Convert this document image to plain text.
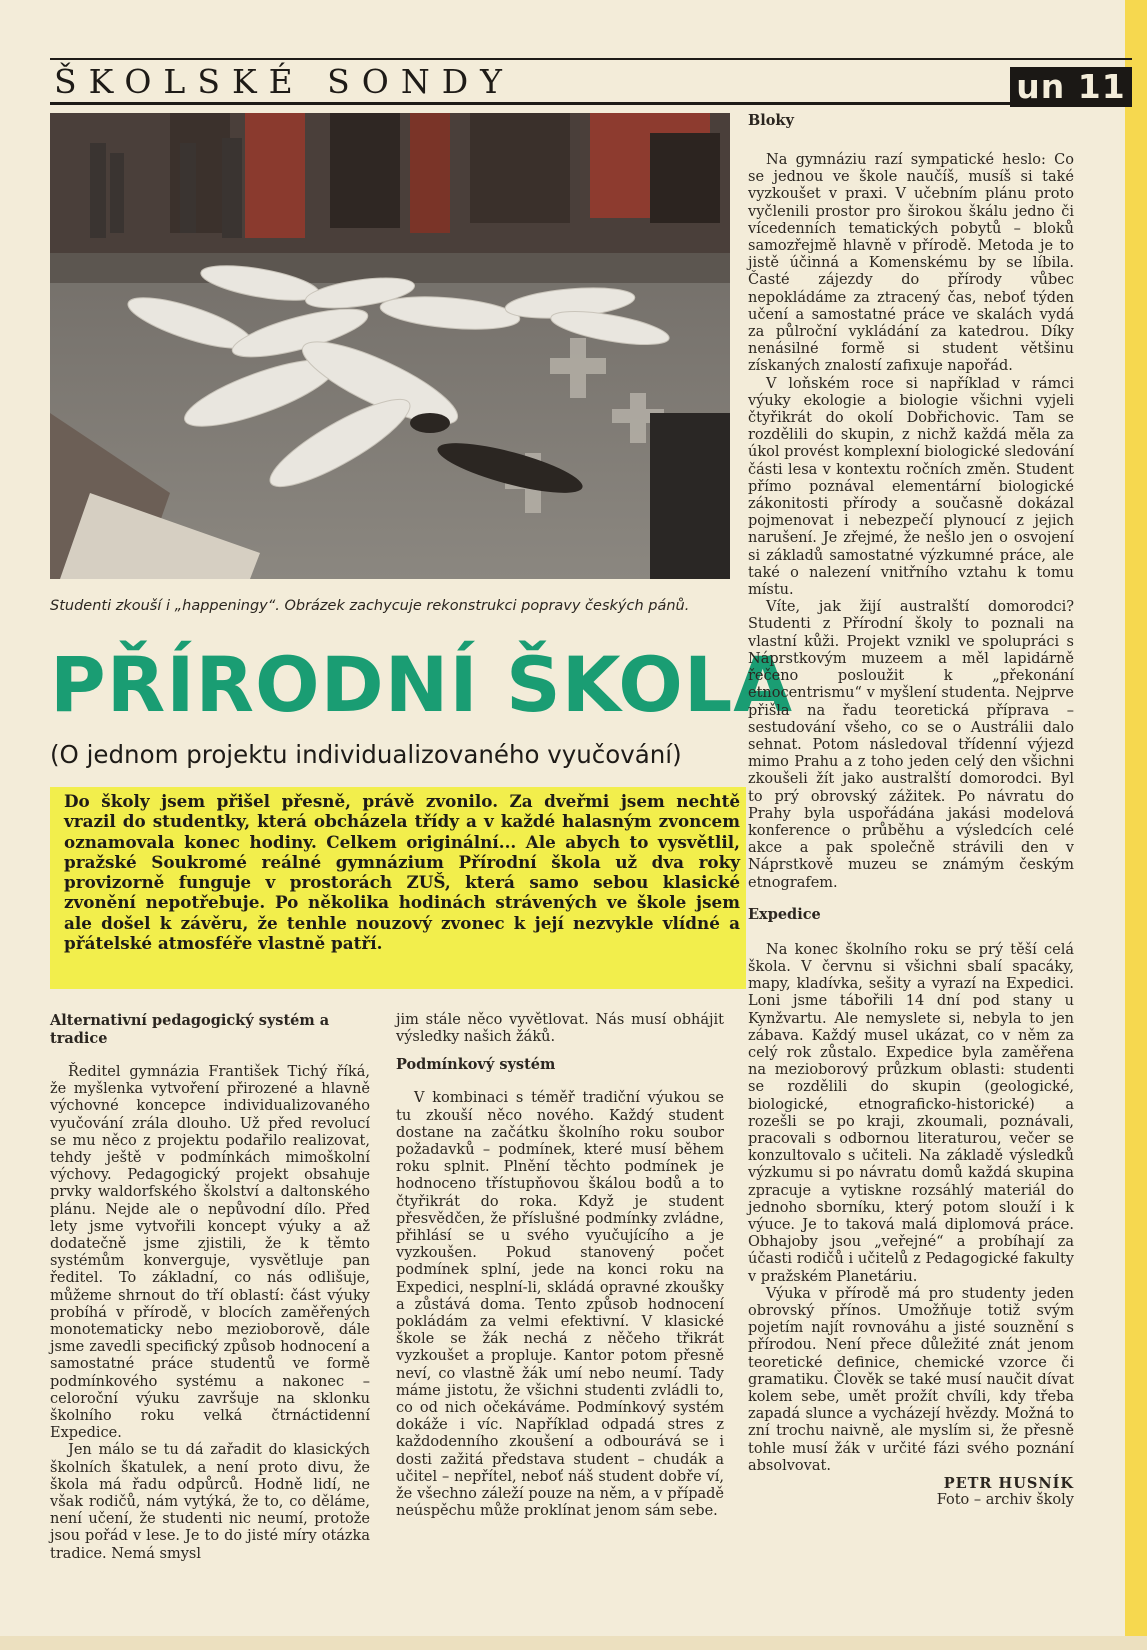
ŠKOLSKÉ SONDY	un 11
Studenti zkouší i „happeningy“. Obrázek zachycuje rekonstrukci popravy českých pánů.
PŘÍRODNÍ ŠKOLA
(O jednom projektu individualizovaného vyučování)
Do školy jsem přišel přesně, právě zvonilo. Za dveřmi jsem nechtě vrazil do studentky, která obcházela třídy a v každé halasným zvoncem oznamovala konec hodiny. Celkem originální... Ale abych to vysvětlil, pražské Soukromé reálné gymnázium Přírodní škola už dva roky provizorně funguje v prostorách ZUŠ, která samo sebou klasické zvonění nepotřebuje. Po několika hodinách strávených ve škole jsem ale došel k závěru, že tenhle nouzový zvonec k její nezvykle vlídné a přátelské atmosféře vlastně patří.

Alternativní pedagogický systém a tradice

Ředitel gymnázia František Tichý říká, že myšlenka vytvoření přirozené a hlavně výchovné koncepce individualizovaného vyučování zrála dlouho. Už před revolucí se mu něco z projektu podařilo realizovat, tehdy ještě v podmínkách mimoškolní výchovy. Pedagogický projekt obsahuje prvky waldorfského školství a daltonského plánu. Nejde ale o nepůvodní dílo. Před lety jsme vytvořili koncept výuky a až dodatečně jsme zjistili, že k těmto systémům konverguje, vysvětluje pan ředitel. To základní, co nás odlišuje, můžeme shrnout do tří oblastí: část výuky probíhá v přírodě, v blocích zaměřených monotematicky nebo mezioborově, dále jsme zavedli specifický způsob hodnocení a samostatné práce studentů ve formě podmínkového systému a nakonec – celoroční výuku završuje na sklonku školního roku velká čtrnáctidenní Expedice.

Jen málo se tu dá zařadit do klasických školních škatulek, a není proto divu, že škola má řadu odpůrců. Hodně lidí, ne však rodičů, nám vytýká, že to, co děláme, není učení, že studenti nic neumí, protože jsou pořád v lese. Je to do jisté míry otázka tradice. Nemá smysl

jim stále něco vyvětlovat. Nás musí obhájit výsledky našich žáků.

Podmínkový systém

V kombinaci s téměř tradiční výukou se tu zkouší něco nového. Každý student dostane na začátku školního roku soubor požadavků – podmínek, které musí během roku splnit. Plnění těchto podmínek je hodnoceno třístupňovou škálou bodů a to čtyřikrát do roka. Když je student přesvědčen, že příslušné podmínky zvládne, přihlásí se u svého vyučujícího a je vyzkoušen. Pokud stanovený počet podmínek splní, jede na konci roku na Expedici, nesplní-li, skládá opravné zkoušky a zůstává doma. Tento způsob hodnocení pokládám za velmi efektivní. V klasické škole se žák nechá z něčeho třikrát vyzkoušet a propluje. Kantor potom přesně neví, co vlastně žák umí nebo neumí. Tady máme jistotu, že všichni studenti zvládli to, co od nich očekáváme. Podmínkový systém dokáže i víc. Například odpadá stres z každodenního zkoušení a odbourává se i dosti zažitá představa student – chudák a učitel – nepřítel, neboť náš student dobře ví, že všechno záleží pouze na něm, a v případě neúspěchu může proklínat jenom sám sebe.

Bloky

Na gymnáziu razí sympatické heslo: Co se jednou ve škole naučíš, musíš si také vyzkoušet v praxi. V učebním plánu proto vyčlenili prostor pro širokou škálu jedno či vícedenních tematických pobytů – bloků samozřejmě hlavně v přírodě. Metoda je to jistě účinná a Komenskému by se líbila. Časté zájezdy do přírody vůbec nepokládáme za ztracený čas, neboť týden učení a samostatné práce ve skalách vydá za půlroční vykládání za katedrou. Díky nenásilné formě si student většinu získaných znalostí zafixuje napořád.

V loňském roce si například v rámci výuky ekologie a biologie všichni vyjeli čtyřikrát do okolí Dobřichovic. Tam se rozdělili do skupin, z nichž každá měla za úkol provést komplexní biologické sledování části lesa v kontextu ročních změn. Student přímo poznával elementární biologické zákonitosti přírody a současně dokázal pojmenovat i nebezpečí plynoucí z jejich narušení. Je zřejmé, že nešlo jen o osvojení si základů samostatné výzkumné práce, ale také o nalezení vnitřního vztahu k tomu místu.

Víte, jak žijí australští domorodci? Studenti z Přírodní školy to poznali na vlastní kůži. Projekt vznikl ve spolupráci s Náprstkovým muzeem a měl lapidárně řečeno posloužit k „překonání etnocentrismu“ v myšlení studenta. Nejprve přišla na řadu teoretická příprava – sestudování všeho, co se o Austrálii dalo sehnat. Potom následoval třídenní výjezd mimo Prahu a z toho jeden celý den všichni zkoušeli žít jako australští domorodci. Byl to prý obrovský zážitek. Po návratu do Prahy byla uspořádána jakási modelová konference o průběhu a výsledcích celé akce a pak společně strávili den v Náprstkově muzeu se známým českým etnografem.

Expedice

Na konec školního roku se prý těší celá škola. V červnu si všichni sbalí spacáky, mapy, kladívka, sešity a vyrazí na Expedici. Loni jsme tábořili 14 dní pod stany u Kynžvartu. Ale nemyslete si, nebyla to jen zábava. Každý musel ukázat, co v něm za celý rok zůstalo. Expedice byla zaměřena na mezioborový průzkum oblasti: studenti se rozdělili do skupin (geologické, biologické, etnograficko-historické) a rozešli se po kraji, zkoumali, poznávali, pracovali s odbornou literaturou, večer se konzultovalo s učiteli. Na základě výsledků výzkumu si po návratu domů každá skupina zpracuje a vytiskne rozsáhlý materiál do jednoho sborníku, který potom slouží i k výuce. Je to taková malá diplomová práce. Obhajoby jsou „veřejné“ a probíhají za účasti rodičů i učitelů z Pedagogické fakulty v pražském Planetáriu.

Výuka v přírodě má pro studenty jeden obrovský přínos. Umožňuje totiž svým pojetím najít rovnováhu a jisté souznění s přírodou. Není přece důležité znát jenom teoretické definice, chemické vzorce či gramatiku. Člověk se také musí naučit dívat kolem sebe, umět prožít chvíli, kdy třeba zapadá slunce a vycházejí hvězdy. Možná to zní trochu naivně, ale myslím si, že přesně tohle musí žák v určité fázi svého poznání absolvovat.

PETR HUSNÍK

Foto – archiv školy
